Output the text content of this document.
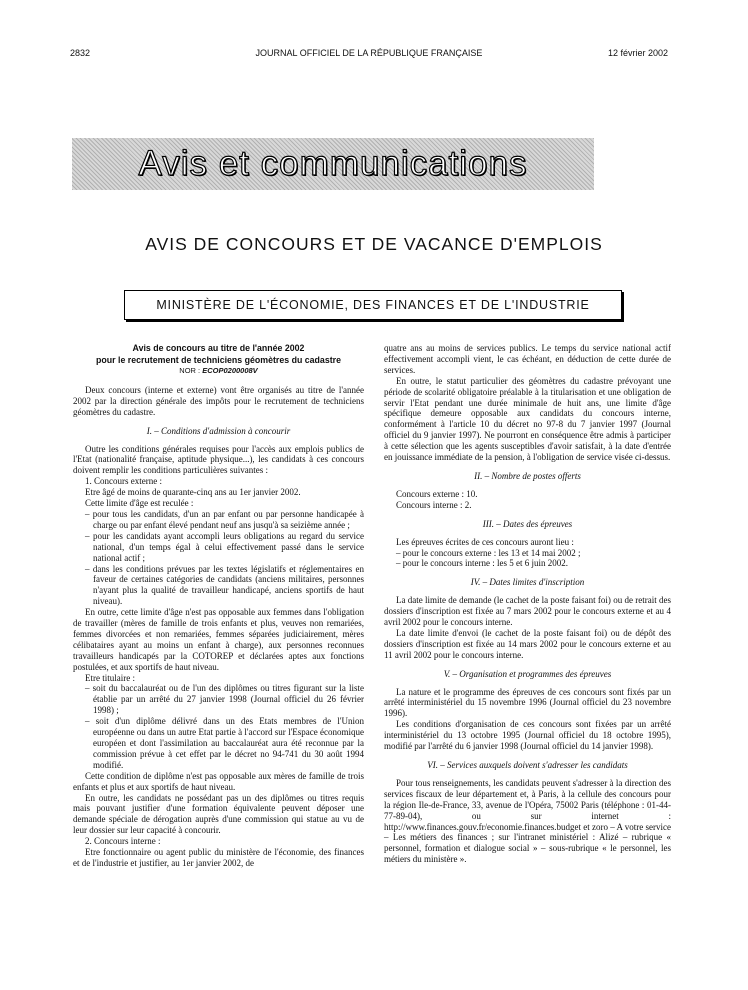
2832	JOURNAL OFFICIEL DE LA RÉPUBLIQUE FRANÇAISE	12 février 2002
Avis et communications
AVIS DE CONCOURS ET DE VACANCE D'EMPLOIS
MINISTÈRE DE L'ÉCONOMIE, DES FINANCES ET DE L'INDUSTRIE
Avis de concours au titre de l'année 2002
pour le recrutement de techniciens géomètres du cadastre
NOR : ECOP0200008V

Deux concours (interne et externe) vont être organisés au titre de l'année 2002 par la direction générale des impôts pour le recrutement de techniciens géomètres du cadastre.

I. – Conditions d'admission à concourir

Outre les conditions générales requises pour l'accès aux emplois publics de l'Etat (nationalité française, aptitude physique...), les candidats à ces concours doivent remplir les conditions particulières suivantes :

1. Concours externe :

Etre âgé de moins de quarante-cinq ans au 1er janvier 2002.

Cette limite d'âge est reculée :

– pour tous les candidats, d'un an par enfant ou par personne handicapée à charge ou par enfant élevé pendant neuf ans jusqu'à sa seizième année ;
– pour les candidats ayant accompli leurs obligations au regard du service national, d'un temps égal à celui effectivement passé dans le service national actif ;
– dans les conditions prévues par les textes législatifs et réglementaires en faveur de certaines catégories de candidats (anciens militaires, personnes n'ayant plus la qualité de travailleur handicapé, anciens sportifs de haut niveau).

En outre, cette limite d'âge n'est pas opposable aux femmes dans l'obligation de travailler (mères de famille de trois enfants et plus, veuves non remariées, femmes divorcées et non remariées, femmes séparées judiciairement, mères célibataires ayant au moins un enfant à charge), aux personnes reconnues travailleurs handicapés par la COTOREP et déclarées aptes aux fonctions postulées, et aux sportifs de haut niveau.

Etre titulaire :

– soit du baccalauréat ou de l'un des diplômes ou titres figurant sur la liste établie par un arrêté du 27 janvier 1998 (Journal officiel du 26 février 1998) ;
– soit d'un diplôme délivré dans un des Etats membres de l'Union européenne ou dans un autre Etat partie à l'accord sur l'Espace économique européen et dont l'assimilation au baccalauréat aura été reconnue par la commission prévue à cet effet par le décret no 94-741 du 30 août 1994 modifié.

Cette condition de diplôme n'est pas opposable aux mères de famille de trois enfants et plus et aux sportifs de haut niveau.

En outre, les candidats ne possédant pas un des diplômes ou titres requis mais pouvant justifier d'une formation équivalente peuvent déposer une demande spéciale de dérogation auprès d'une commission qui statue au vu de leur dossier sur leur capacité à concourir.

2. Concours interne :

Etre fonctionnaire ou agent public du ministère de l'économie, des finances et de l'industrie et justifier, au 1er janvier 2002, de

quatre ans au moins de services publics. Le temps du service national actif effectivement accompli vient, le cas échéant, en déduction de cette durée de services.

En outre, le statut particulier des géomètres du cadastre prévoyant une période de scolarité obligatoire préalable à la titularisation et une obligation de servir l'Etat pendant une durée minimale de huit ans, une limite d'âge spécifique demeure opposable aux candidats du concours interne, conformément à l'article 10 du décret no 97-8 du 7 janvier 1997 (Journal officiel du 9 janvier 1997). Ne pourront en conséquence être admis à participer à cette sélection que les agents susceptibles d'avoir satisfait, à la date d'entrée en jouissance immédiate de la pension, à l'obligation de service visée ci-dessus.

II. – Nombre de postes offerts

Concours externe : 10.

Concours interne : 2.

III. – Dates des épreuves

Les épreuves écrites de ces concours auront lieu :

– pour le concours externe : les 13 et 14 mai 2002 ;
– pour le concours interne : les 5 et 6 juin 2002.

IV. – Dates limites d'inscription

La date limite de demande (le cachet de la poste faisant foi) ou de retrait des dossiers d'inscription est fixée au 7 mars 2002 pour le concours externe et au 4 avril 2002 pour le concours interne.

La date limite d'envoi (le cachet de la poste faisant foi) ou de dépôt des dossiers d'inscription est fixée au 14 mars 2002 pour le concours externe et au 11 avril 2002 pour le concours interne.

V. – Organisation et programmes des épreuves

La nature et le programme des épreuves de ces concours sont fixés par un arrêté interministériel du 15 novembre 1996 (Journal officiel du 23 novembre 1996).

Les conditions d'organisation de ces concours sont fixées par un arrêté interministériel du 13 octobre 1995 (Journal officiel du 18 octobre 1995), modifié par l'arrêté du 6 janvier 1998 (Journal officiel du 14 janvier 1998).

VI. – Services auxquels doivent s'adresser les candidats

Pour tous renseignements, les candidats peuvent s'adresser à la direction des services fiscaux de leur département et, à Paris, à la cellule des concours pour la région Ile-de-France, 33, avenue de l'Opéra, 75002 Paris (téléphone : 01-44-77-89-04), ou sur internet : http://www.finances.gouv.fr/economie.finances.budget et zoro – A votre service – Les métiers des finances ; sur l'intranet ministériel : Alizé – rubrique « personnel, formation et dialogue social » – sous-rubrique « le personnel, les métiers du ministère ».
